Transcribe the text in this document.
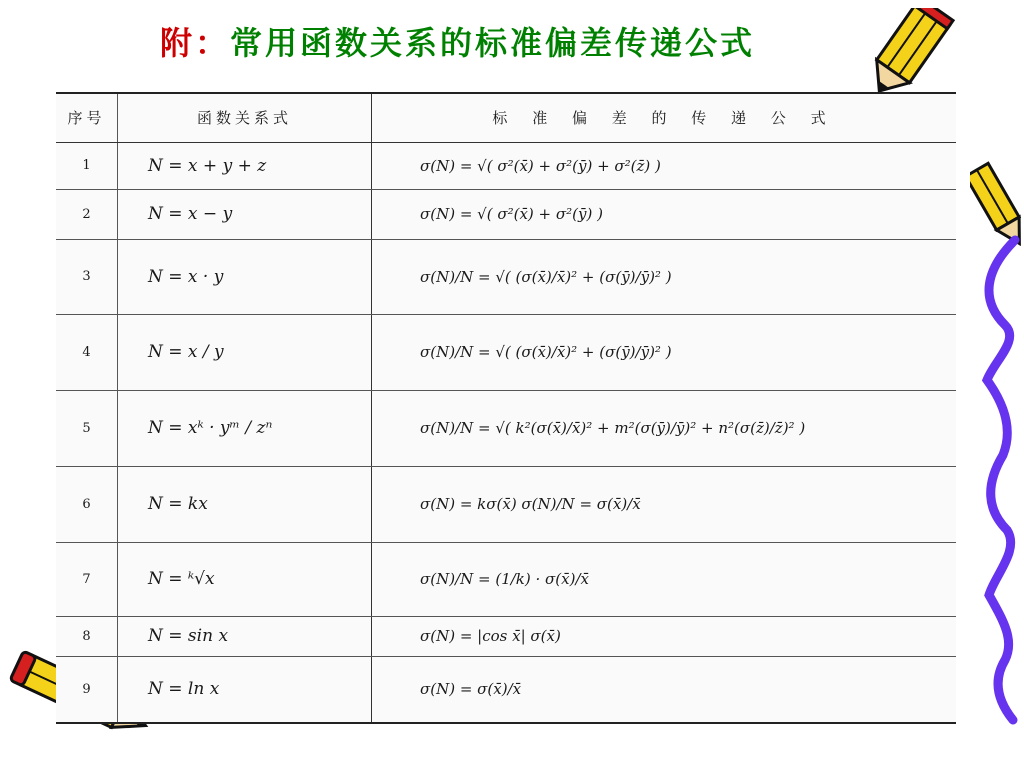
附：常用函数关系的标准偏差传递公式
序号	函数关系式	标 准 偏 差 的 传 递 公 式
1	N = x + y + z	σ(N) = √( σ²(x̄) + σ²(ȳ) + σ²(z̄) )
2	N = x − y	σ(N) = √( σ²(x̄) + σ²(ȳ) )
3	N = x · y	σ(N)/N = √( (σ(x̄)/x̄)² + (σ(ȳ)/ȳ)² )
4	N = x / y	σ(N)/N = √( (σ(x̄)/x̄)² + (σ(ȳ)/ȳ)² )
5	N = xᵏ · yᵐ / zⁿ	σ(N)/N = √( k²(σ(x̄)/x̄)² + m²(σ(ȳ)/ȳ)² + n²(σ(z̄)/z̄)² )
6	N = kx	σ(N) = kσ(x̄) σ(N)/N = σ(x̄)/x̄
7	N = ᵏ√x	σ(N)/N = (1/k) · σ(x̄)/x̄
8	N = sin x	σ(N) = |cos x̄| σ(x̄)
9	N = ln x	σ(N) = σ(x̄)/x̄
